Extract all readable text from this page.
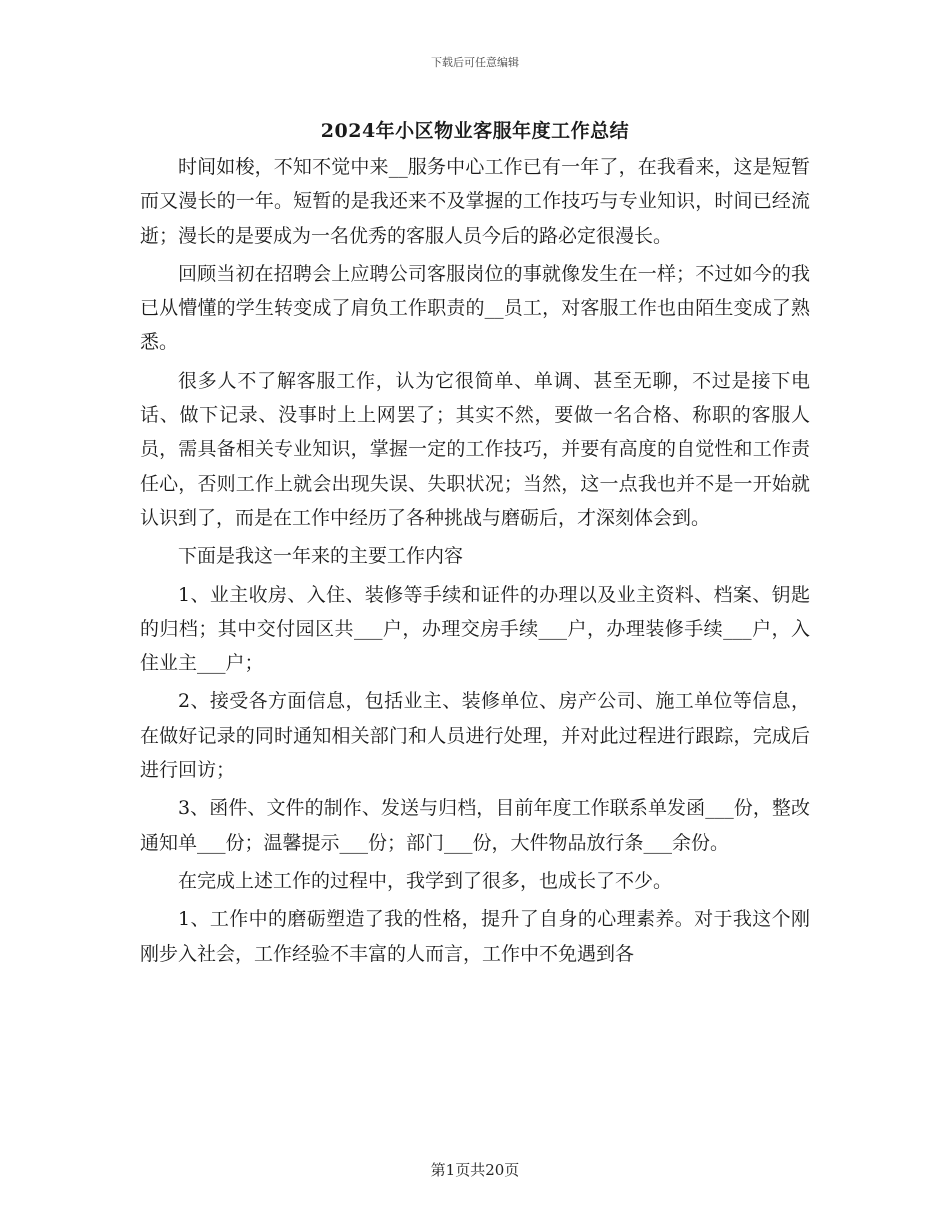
下载后可任意编辑
2024年小区物业客服年度工作总结

时间如梭，不知不觉中来__服务中心工作已有一年了，在我看来，这是短暂而又漫长的一年。短暂的是我还来不及掌握的工作技巧与专业知识，时间已经流逝；漫长的是要成为一名优秀的客服人员今后的路必定很漫长。

回顾当初在招聘会上应聘公司客服岗位的事就像发生在一样；不过如今的我已从懵懂的学生转变成了肩负工作职责的__员工，对客服工作也由陌生变成了熟悉。

很多人不了解客服工作，认为它很简单、单调、甚至无聊，不过是接下电话、做下记录、没事时上上网罢了；其实不然，要做一名合格、称职的客服人员，需具备相关专业知识，掌握一定的工作技巧，并要有高度的自觉性和工作责任心，否则工作上就会出现失误、失职状况；当然，这一点我也并不是一开始就认识到了，而是在工作中经历了各种挑战与磨砺后，才深刻体会到。

下面是我这一年来的主要工作内容

1、业主收房、入住、装修等手续和证件的办理以及业主资料、档案、钥匙的归档；其中交付园区共___户，办理交房手续___户，办理装修手续___户，入住业主___户；

2、接受各方面信息，包括业主、装修单位、房产公司、施工单位等信息，在做好记录的同时通知相关部门和人员进行处理，并对此过程进行跟踪，完成后进行回访；

3、函件、文件的制作、发送与归档，目前年度工作联系单发函___份，整改通知单___份；温馨提示___份；部门___份，大件物品放行条___余份。

在完成上述工作的过程中，我学到了很多，也成长了不少。

1、工作中的磨砺塑造了我的性格，提升了自身的心理素养。对于我这个刚刚步入社会，工作经验不丰富的人而言，工作中不免遇到各

第1页共20页
